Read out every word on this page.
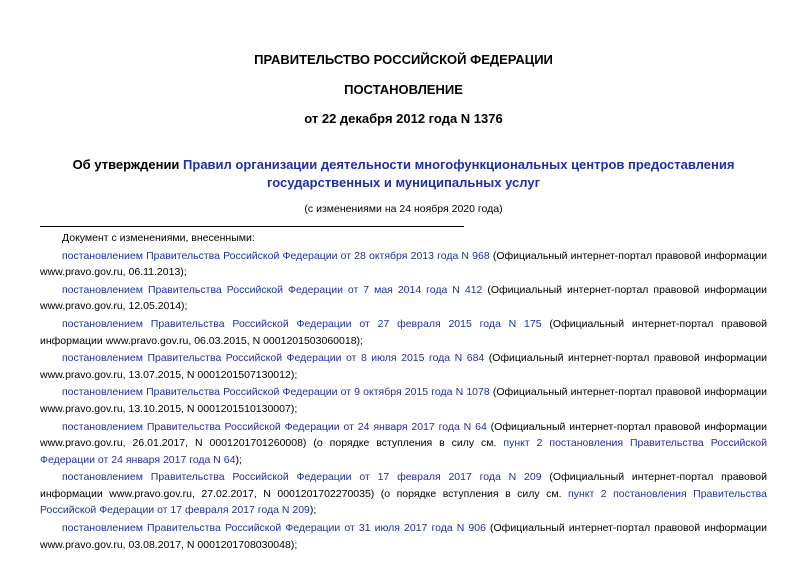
ПРАВИТЕЛЬСТВО РОССИЙСКОЙ ФЕДЕРАЦИИ
ПОСТАНОВЛЕНИЕ
от 22 декабря 2012 года N 1376
Об утверждении Правил организации деятельности многофункциональных центров предоставления государственных и муниципальных услуг
(с изменениями на 24 ноября 2020 года)

Документ с изменениями, внесенными:

постановлением Правительства Российской Федерации от 28 октября 2013 года N 968 (Официальный интернет-портал правовой информации www.pravo.gov.ru, 06.11.2013);

постановлением Правительства Российской Федерации от 7 мая 2014 года N 412 (Официальный интернет-портал правовой информации www.pravo.gov.ru, 12.05.2014);

постановлением Правительства Российской Федерации от 27 февраля 2015 года N 175 (Официальный интернет-портал правовой информации www.pravo.gov.ru, 06.03.2015, N 0001201503060018);

постановлением Правительства Российской Федерации от 8 июля 2015 года N 684 (Официальный интернет-портал правовой информации www.pravo.gov.ru, 13.07.2015, N 0001201507130012);

постановлением Правительства Российской Федерации от 9 октября 2015 года N 1078 (Официальный интернет-портал правовой информации www.pravo.gov.ru, 13.10.2015, N 0001201510130007);

постановлением Правительства Российской Федерации от 24 января 2017 года N 64 (Официальный интернет-портал правовой информации www.pravo.gov.ru, 26.01.2017, N 0001201701260008) (о порядке вступления в силу см. пункт 2 постановления Правительства Российской Федерации от 24 января 2017 года N 64);

постановлением Правительства Российской Федерации от 17 февраля 2017 года N 209 (Официальный интернет-портал правовой информации www.pravo.gov.ru, 27.02.2017, N 0001201702270035) (о порядке вступления в силу см. пункт 2 постановления Правительства Российской Федерации от 17 февраля 2017 года N 209);

постановлением Правительства Российской Федерации от 31 июля 2017 года N 906 (Официальный интернет-портал правовой информации www.pravo.gov.ru, 03.08.2017, N 0001201708030048);
